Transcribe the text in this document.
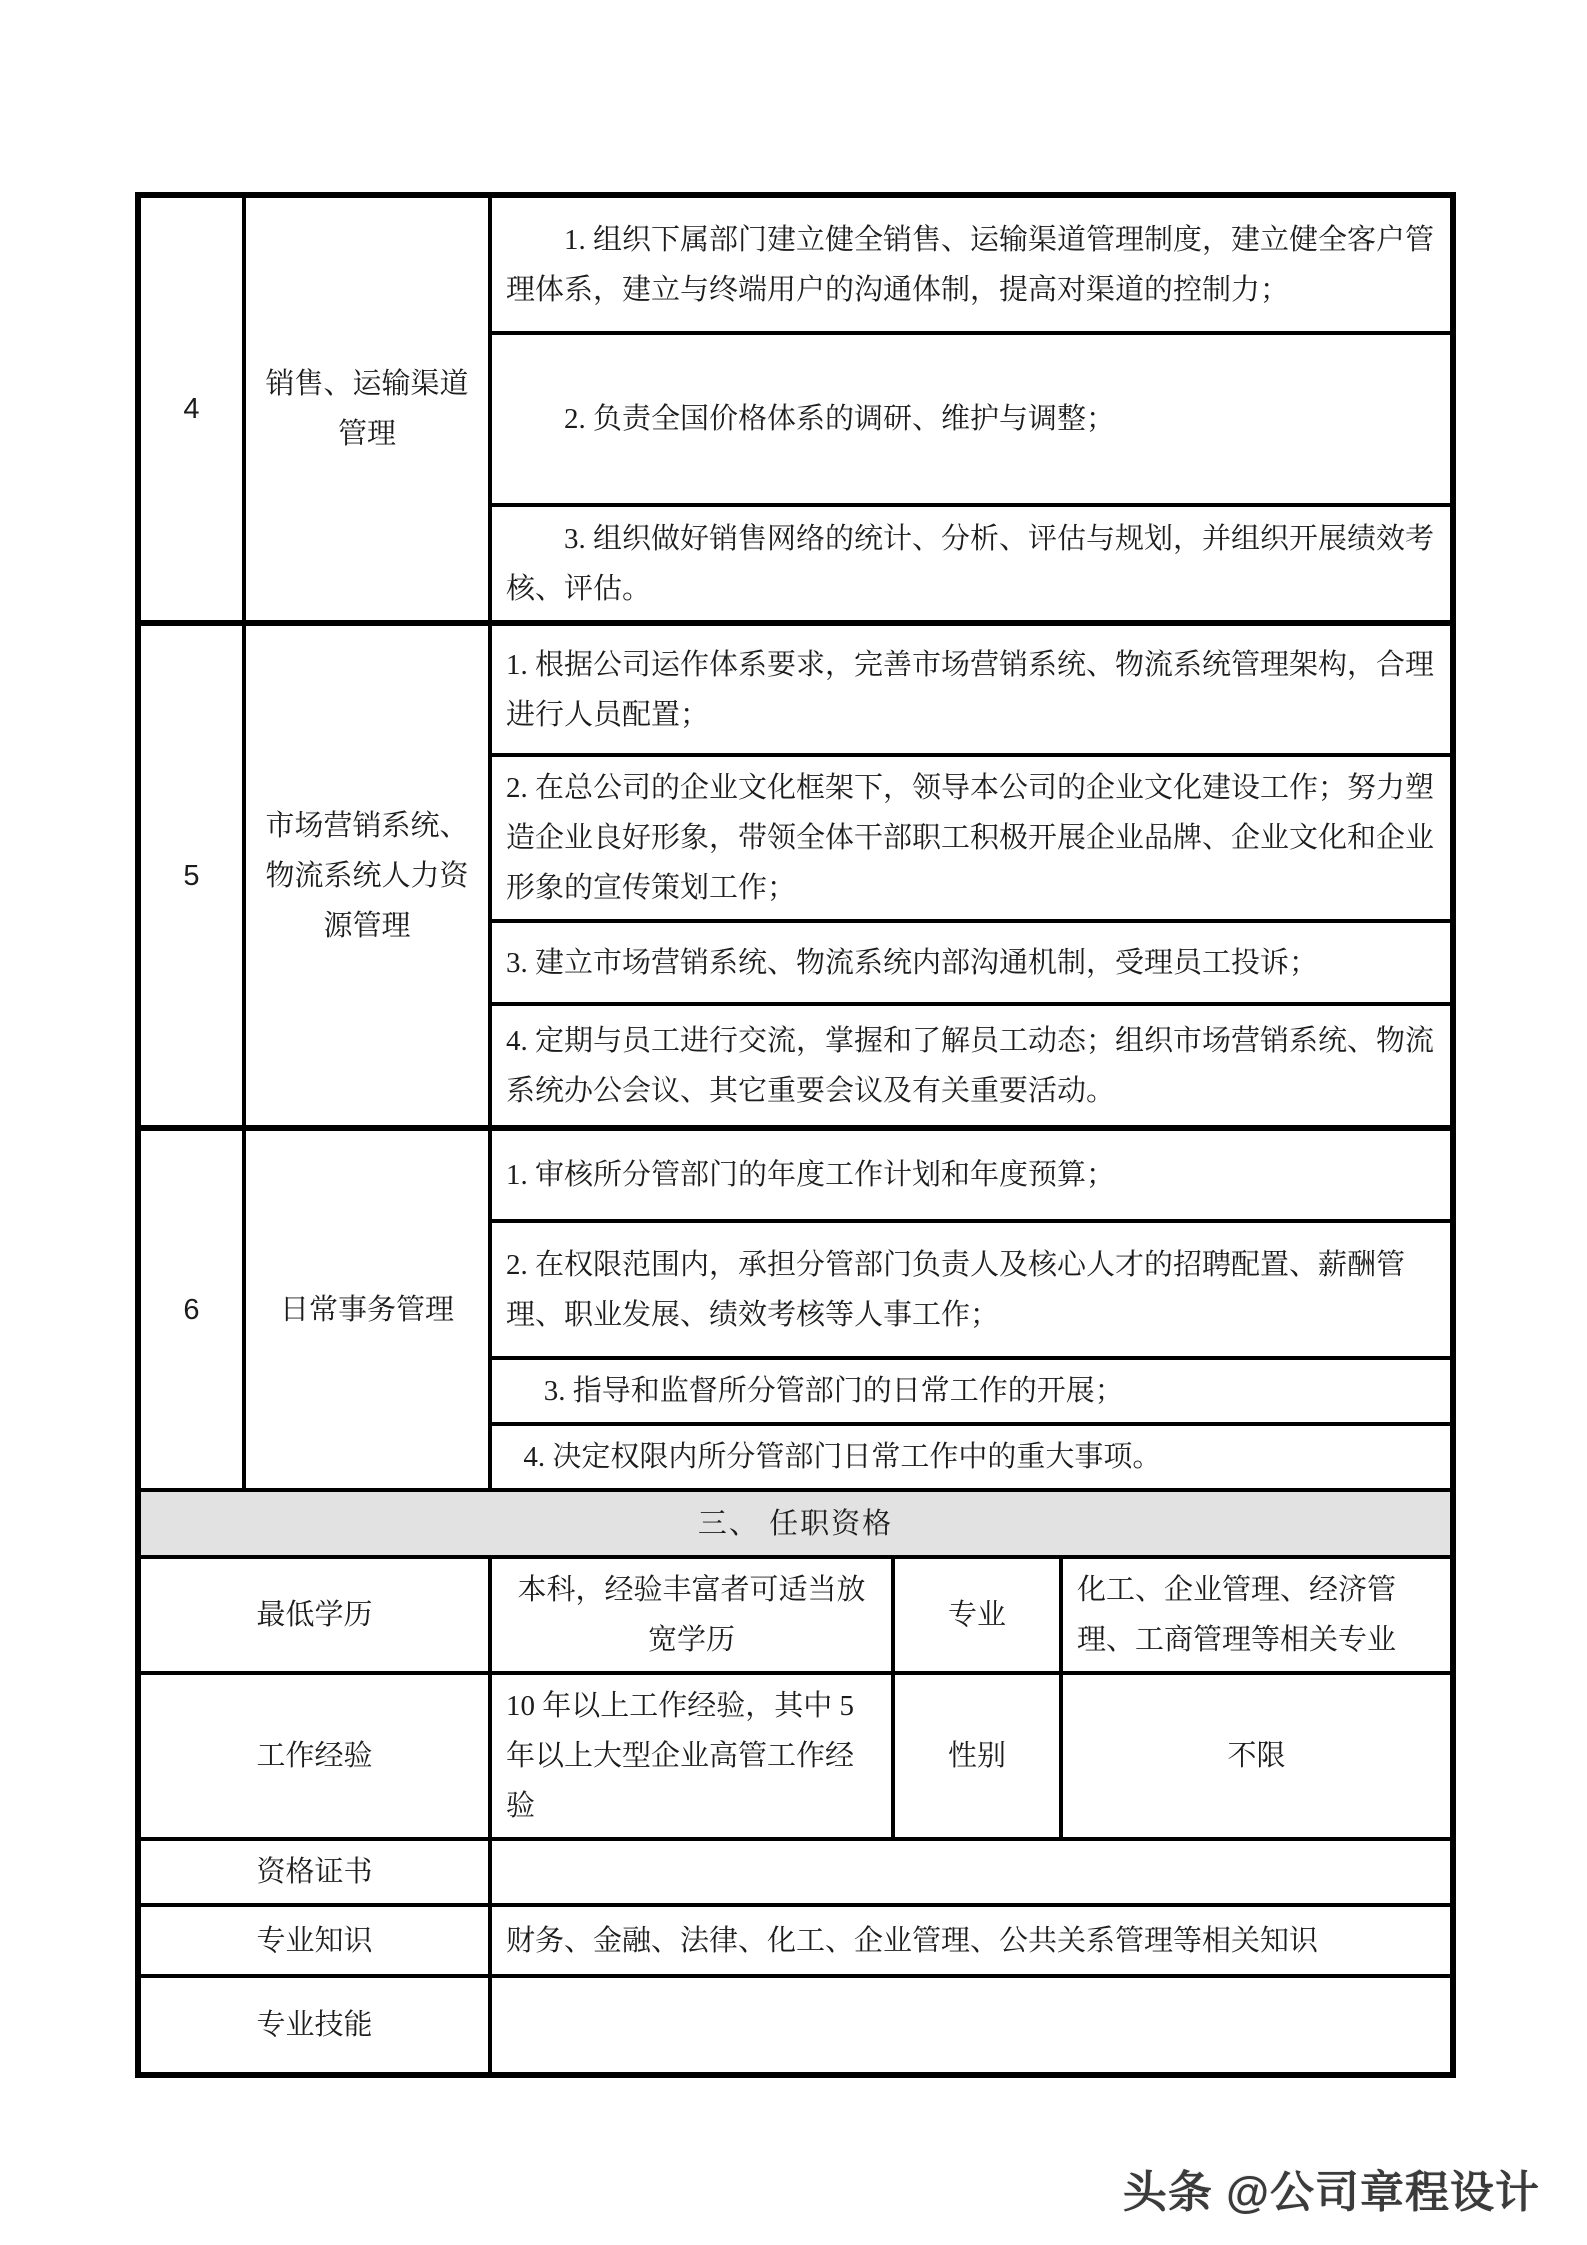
4	销售、运输渠道管理	1. 组织下属部门建立健全销售、运输渠道管理制度，建立健全客户管理体系，建立与终端用户的沟通体制，提高对渠道的控制力；		
		2. 负责全国价格体系的调研、维护与调整；		
		3. 组织做好销售网络的统计、分析、评估与规划，并组织开展绩效考核、评估。		
5	市场营销系统、物流系统人力资源管理	1. 根据公司运作体系要求，完善市场营销系统、物流系统管理架构，合理进行人员配置；		
		2. 在总公司的企业文化框架下，领导本公司的企业文化建设工作；努力塑造企业良好形象，带领全体干部职工积极开展企业品牌、企业文化和企业形象的宣传策划工作；		
		3. 建立市场营销系统、物流系统内部沟通机制，受理员工投诉；		
		4. 定期与员工进行交流，掌握和了解员工动态；组织市场营销系统、物流系统办公会议、其它重要会议及有关重要活动。		
6	日常事务管理	1. 审核所分管部门的年度工作计划和年度预算；		
		2. 在权限范围内，承担分管部门负责人及核心人才的招聘配置、薪酬管理、职业发展、绩效考核等人事工作；		
		3. 指导和监督所分管部门的日常工作的开展；		
		4. 决定权限内所分管部门日常工作中的重大事项。		
三、 任职资格				
最低学历		本科，经验丰富者可适当放宽学历	专业	化工、企业管理、经济管理、工商管理等相关专业
工作经验		10 年以上工作经验，其中 5 年以上大型企业高管工作经验	性别	不限
资格证书				
专业知识		财务、金融、法律、化工、企业管理、公共关系管理等相关知识		
专业技能				
头条 @公司章程设计
